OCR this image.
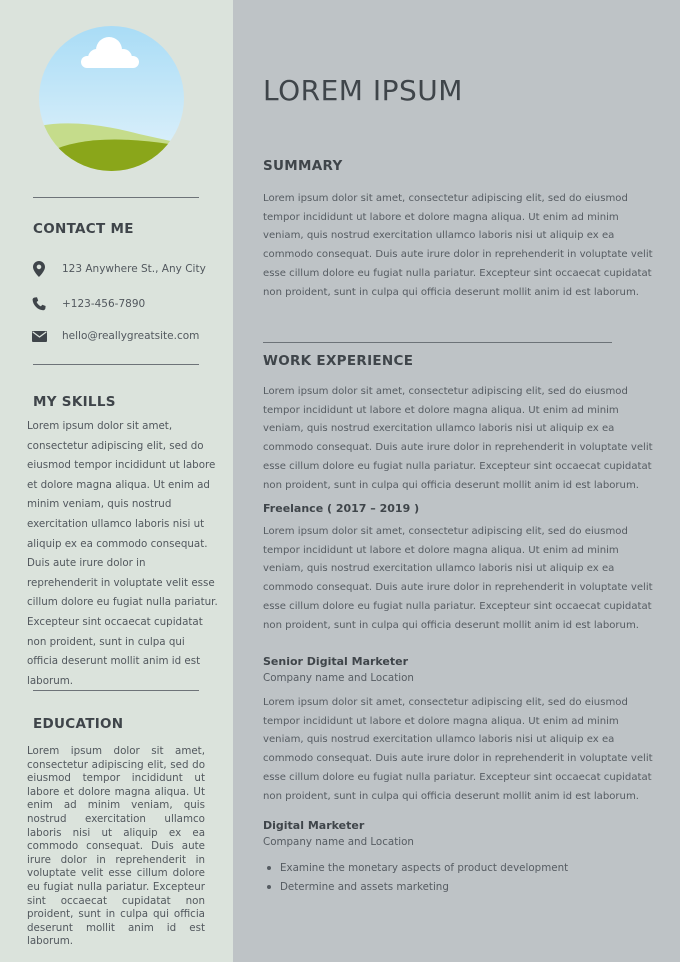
CONTACT ME
123 Anywhere St., Any City
+123-456-7890
hello@reallygreatsite.com
MY SKILLS
Lorem ipsum dolor sit amet, consectetur adipiscing elit, sed do eiusmod tempor incididunt ut labore et dolore magna aliqua. Ut enim ad minim veniam, quis nostrud exercitation ullamco laboris nisi ut aliquip ex ea commodo consequat. Duis aute irure dolor in reprehenderit in voluptate velit esse cillum dolore eu fugiat nulla pariatur. Excepteur sint occaecat cupidatat non proident, sunt in culpa qui officia deserunt mollit anim id est laborum.
EDUCATION
Lorem ipsum dolor sit amet, consectetur adipiscing elit, sed do eiusmod tempor incididunt ut labore et dolore magna aliqua. Ut enim ad minim veniam, quis nostrud exercitation ullamco laboris nisi ut aliquip ex ea commodo consequat. Duis aute irure dolor in reprehenderit in voluptate velit esse cillum dolore eu fugiat nulla pariatur. Excepteur sint occaecat cupidatat non proident, sunt in culpa qui officia deserunt mollit anim id est laborum.
LOREM IPSUM
SUMMARY
Lorem ipsum dolor sit amet, consectetur adipiscing elit, sed do eiusmod tempor incididunt ut labore et dolore magna aliqua. Ut enim ad minim veniam, quis nostrud exercitation ullamco laboris nisi ut aliquip ex ea commodo consequat. Duis aute irure dolor in reprehenderit in voluptate velit esse cillum dolore eu fugiat nulla pariatur. Excepteur sint occaecat cupidatat non proident, sunt in culpa qui officia deserunt mollit anim id est laborum.
WORK EXPERIENCE
Lorem ipsum dolor sit amet, consectetur adipiscing elit, sed do eiusmod tempor incididunt ut labore et dolore magna aliqua. Ut enim ad minim veniam, quis nostrud exercitation ullamco laboris nisi ut aliquip ex ea commodo consequat. Duis aute irure dolor in reprehenderit in voluptate velit esse cillum dolore eu fugiat nulla pariatur. Excepteur sint occaecat cupidatat non proident, sunt in culpa qui officia deserunt mollit anim id est laborum.
Freelance ( 2017 – 2019 )
Lorem ipsum dolor sit amet, consectetur adipiscing elit, sed do eiusmod tempor incididunt ut labore et dolore magna aliqua. Ut enim ad minim veniam, quis nostrud exercitation ullamco laboris nisi ut aliquip ex ea commodo consequat. Duis aute irure dolor in reprehenderit in voluptate velit esse cillum dolore eu fugiat nulla pariatur. Excepteur sint occaecat cupidatat non proident, sunt in culpa qui officia deserunt mollit anim id est laborum.
Senior Digital Marketer
Company name and Location
Lorem ipsum dolor sit amet, consectetur adipiscing elit, sed do eiusmod tempor incididunt ut labore et dolore magna aliqua. Ut enim ad minim veniam, quis nostrud exercitation ullamco laboris nisi ut aliquip ex ea commodo consequat. Duis aute irure dolor in reprehenderit in voluptate velit esse cillum dolore eu fugiat nulla pariatur. Excepteur sint occaecat cupidatat non proident, sunt in culpa qui officia deserunt mollit anim id est laborum.
Digital Marketer
Company name and Location
Examine the monetary aspects of product development
Determine and assets marketing
